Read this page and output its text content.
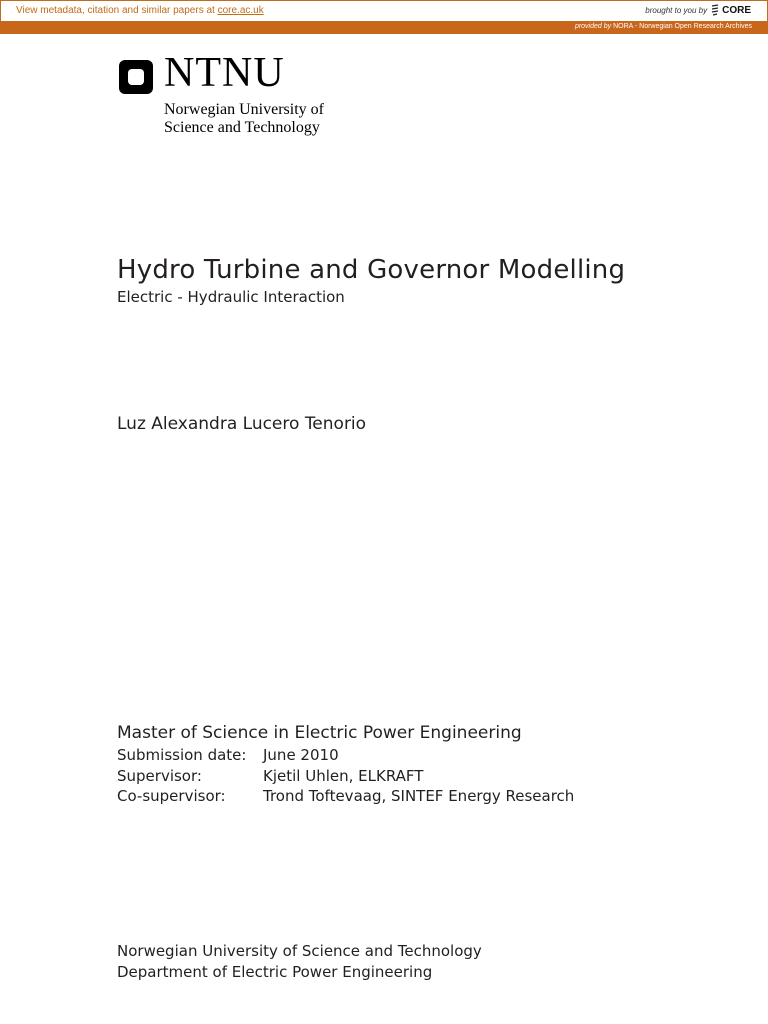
View metadata, citation and similar papers at core.ac.uk	brought to you by CORE
provided by NORA - Norwegian Open Research Archives
NTNU
Norwegian University of
Science and Technology
Hydro Turbine and Governor Modelling
Electric - Hydraulic Interaction
Luz Alexandra Lucero Tenorio
Master of Science in Electric Power Engineering
Submission date: June 2010
Supervisor:	Kjetil Uhlen, ELKRAFT
Co-supervisor: Trond Toftevaag, SINTEF Energy Research
Norwegian University of Science and Technology
Department of Electric Power Engineering
